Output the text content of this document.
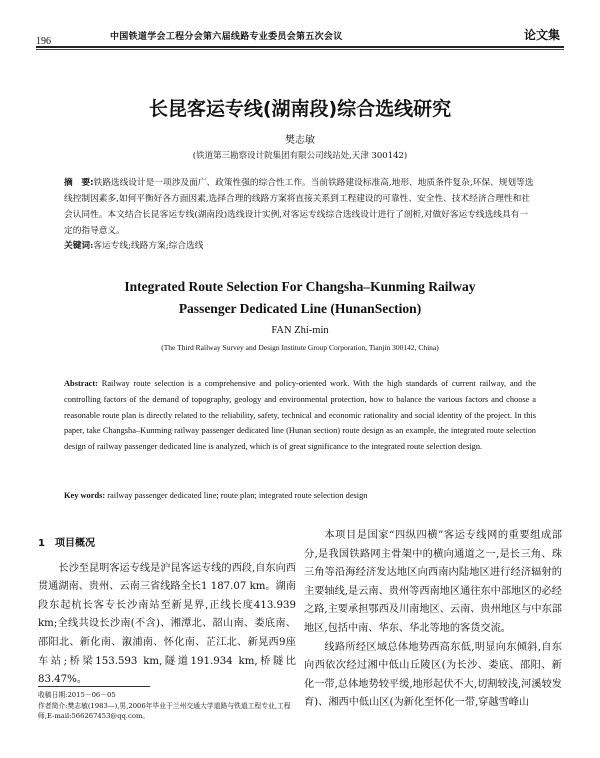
196	中国铁道学会工程分会第六届线路专业委员会第五次会议	论文集
长昆客运专线(湖南段)综合选线研究
樊志敏
(铁道第三勘察设计院集团有限公司线站处,天津 300142)
摘　要:铁路选线设计是一项涉及面广、政策性强的综合性工作。当前铁路建设标准高,地形、地质条件复杂,环保、规划等选线控制因素多,如何平衡好各方面因素,选择合理的线路方案将直接关系到工程建设的可靠性、安全性、技术经济合理性和社会认同性。本文结合长昆客运专线(湖南段)选线设计实例,对客运专线综合选线设计进行了剖析,对做好客运专线选线具有一定的指导意义。
关键词:客运专线;线路方案;综合选线
Integrated Route Selection For Changsha–Kunming Railway
Passenger Dedicated Line (HunanSection)
FAN Zhi-min
(The Third Railway Survey and Design Institute Group Corporation, Tianjin 300142, China)
Abstract: Railway route selection is a comprehensive and policy-oriented work. With the high standards of current railway, and the controlling factors of the demand of topography, geology and environmental protection, how to balance the various factors and choose a reasonable route plan is directly related to the reliability, safety, technical and economic rationality and social identity of the project. In this paper, take Changsha–Kunming railway passenger dedicated line (Hunan section) route design as an example, the integrated route selection design of railway passenger dedicated line is analyzed, which is of great significance to the integrated route selection design.
Key words: railway passenger dedicated line; route plan; integrated route selection design
1　项目概况

长沙至昆明客运专线是沪昆客运专线的西段,自东向西贯通湖南、贵州、云南三省线路全长1 187.07 km。湖南段东起杭长客专长沙南站至新晃界,正线长度413.939 km;全线共设长沙南(不含)、湘潭北、韶山南、娄底南、邵阳北、新化南、溆浦南、怀化南、芷江北、新晃西9座车站;桥梁153.593 km,隧道191.934 km,桥隧比83.47%。

本项目是国家“四纵四横”客运专线网的重要组成部分,是我国铁路网主骨架中的横向通道之一,是长三角、珠三角等沿海经济发达地区向西南内陆地区进行经济辐射的主要轴线,是云南、贵州等西南地区通往东中部地区的必经之路,主要承担鄂西及川南地区、云南、贵州地区与中东部地区,包括中南、华东、华北等地的客货交流。

线路所经区域总体地势西高东低,明显向东倾斜,自东向西依次经过湘中低山丘陵区(为长沙、娄底、邵阳、新化一带,总体地势较平缓,地形起伏不大,切割较浅,河溪较发育)、湘西中低山区(为新化至怀化一带,穿越雪峰山

收稿日期:2015－06－05
作者简介:樊志敏(1983—),男,2006年毕业于兰州交通大学道路与铁道工程专业,工程师,E-mail:566267453@qq.com。
